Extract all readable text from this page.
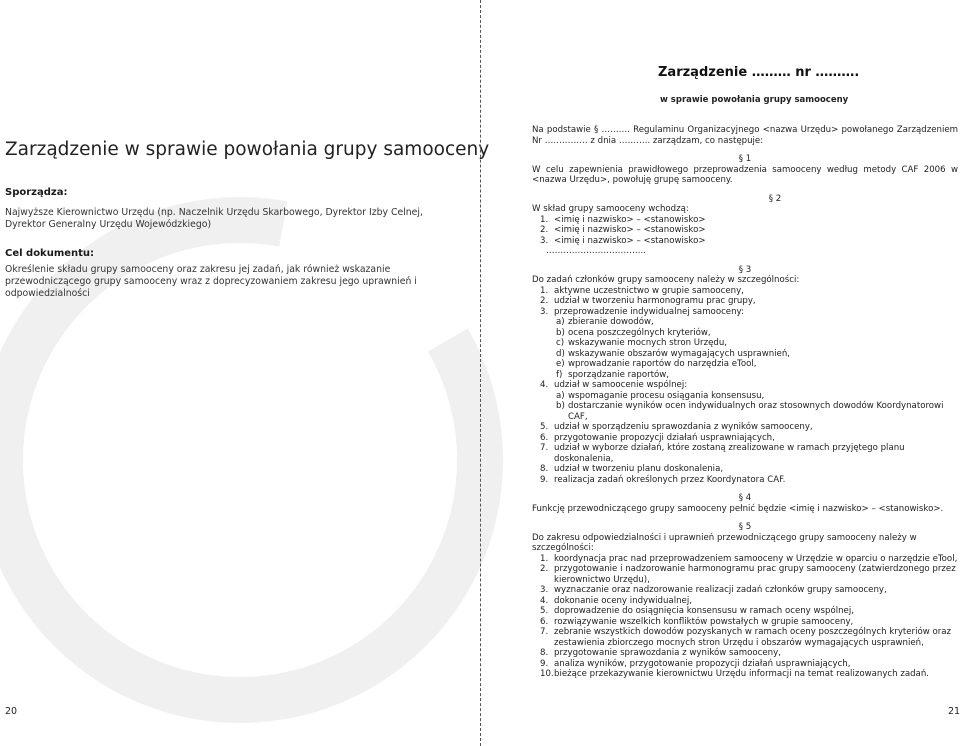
Zarządzenie w sprawie powołania grupy samooceny
Sporządza:
Najwyższe Kierownictwo Urzędu (np. Naczelnik Urzędu Skarbowego, Dyrektor Izby Celnej, Dyrektor Generalny Urzędu Wojewódzkiego)
Cel dokumentu:
Określenie składu grupy samooceny oraz zakresu jej zadań, jak również wskazanie przewodniczącego grupy samooceny wraz z doprecyzowaniem zakresu jego uprawnień i odpowiedzialności
20
Zarządzenie ……… nr ……….
w sprawie powołania grupy samooceny

Na podstawie § ………. Regulaminu Organizacyjnego <nazwa Urzędu> powołanego Zarządzeniem Nr …………… z dnia ……….. zarządzam, co następuje:

§ 1

W celu zapewnienia prawidłowego przeprowadzenia samooceny według metody CAF 2006 w <nazwa Urzędu>, powołuję grupę samooceny.

§ 2

W skład grupy samooceny wchodzą:

1. <imię i nazwisko> – <stanowisko>
2. <imię i nazwisko> – <stanowisko>
3. <imię i nazwisko> – <stanowisko>

……………………………..

§ 3

Do zadań członków grupy samooceny należy w szczególności:

1. aktywne uczestnictwo w grupie samooceny,
2. udział w tworzeniu harmonogramu prac grupy,
3. przeprowadzenie indywidualnej samooceny:
a) zbieranie dowodów,
b) ocena poszczególnych kryteriów,
c) wskazywanie mocnych stron Urzędu,
d) wskazywanie obszarów wymagających usprawnień,
e) wprowadzanie raportów do narzędzia eTool,
f) sporządzanie raportów,
4. udział w samoocenie wspólnej:
a) wspomaganie procesu osiągania konsensusu,
b) dostarczanie wyników ocen indywidualnych oraz stosownych dowodów Koordynatorowi CAF,
5. udział w sporządzeniu sprawozdania z wyników samooceny,
6. przygotowanie propozycji działań usprawniających,
7. udział w wyborze działań, które zostaną zrealizowane w ramach przyjętego planu doskonalenia,
8. udział w tworzeniu planu doskonalenia,
9. realizacja zadań określonych przez Koordynatora CAF.

§ 4

Funkcję przewodniczącego grupy samooceny pełnić będzie <imię i nazwisko> – <stanowisko>.

§ 5

Do zakresu odpowiedzialności i uprawnień przewodniczącego grupy samooceny należy w szczególności:

1. koordynacja prac nad przeprowadzeniem samooceny w Urzędzie w oparciu o narzędzie eTool,
2. przygotowanie i nadzorowanie harmonogramu prac grupy samooceny (zatwierdzonego przez kierownictwo Urzędu),
3. wyznaczanie oraz nadzorowanie realizacji zadań członków grupy samooceny,
4. dokonanie oceny indywidualnej,
5. doprowadzenie do osiągnięcia konsensusu w ramach oceny wspólnej,
6. rozwiązywanie wszelkich konfliktów powstałych w grupie samooceny,
7. zebranie wszystkich dowodów pozyskanych w ramach oceny poszczególnych kryteriów oraz zestawienia zbiorczego mocnych stron Urzędu i obszarów wymagających usprawnień,
8. przygotowanie sprawozdania z wyników samooceny,
9. analiza wyników, przygotowanie propozycji działań usprawniających,
10. bieżące przekazywanie kierownictwu Urzędu informacji na temat realizowanych zadań.
21
